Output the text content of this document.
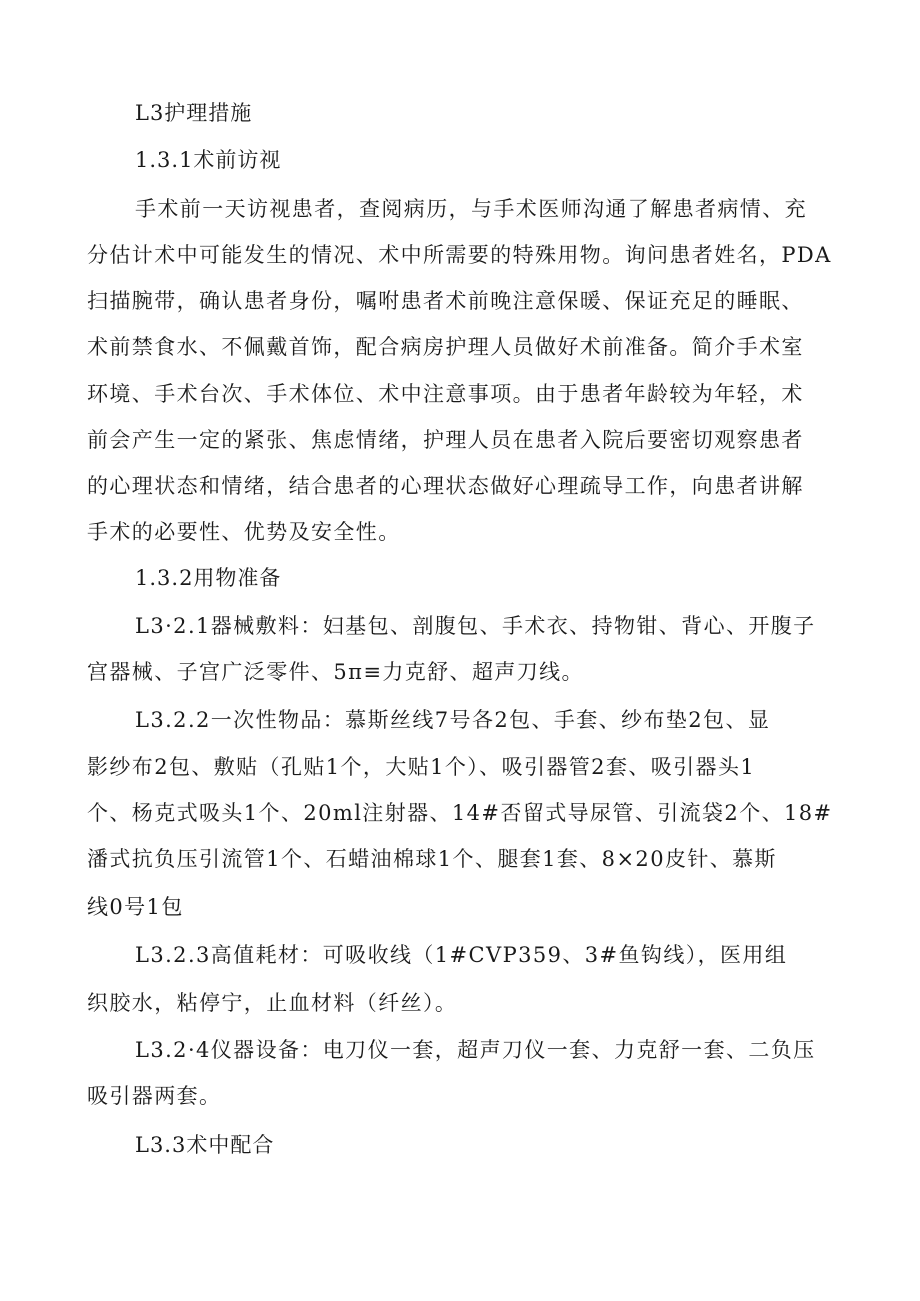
L3护理措施
1.3.1术前访视
手术前一天访视患者，查阅病历，与手术医师沟通了解患者病情、充
分估计术中可能发生的情况、术中所需要的特殊用物。询问患者姓名，PDA
扫描腕带，确认患者身份，嘱咐患者术前晚注意保暖、保证充足的睡眠、
术前禁食水、不佩戴首饰，配合病房护理人员做好术前准备。简介手术室
环境、手术台次、手术体位、术中注意事项。由于患者年龄较为年轻，术
前会产生一定的紧张、焦虑情绪，护理人员在患者入院后要密切观察患者
的心理状态和情绪，结合患者的心理状态做好心理疏导工作，向患者讲解
手术的必要性、优势及安全性。
1.3.2用物准备
L3·2.1器械敷料：妇基包、剖腹包、手术衣、持物钳、背心、开腹子
宫器械、子宫广泛零件、5π≡力克舒、超声刀线。
L3.2.2一次性物品：慕斯丝线7号各2包、手套、纱布垫2包、显
影纱布2包、敷贴（孔贴1个，大贴1个）、吸引器管2套、吸引器头1
个、杨克式吸头1个、20ml注射器、14#否留式导尿管、引流袋2个、18#
潘式抗负压引流管1个、石蜡油棉球1个、腿套1套、8×20皮针、慕斯
线0号1包
L3.2.3高值耗材：可吸收线（1#CVP359、3#鱼钩线），医用组
织胶水，粘停宁，止血材料（纤丝）。
L3.2·4仪器设备：电刀仪一套，超声刀仪一套、力克舒一套、二负压
吸引器两套。
L3.3术中配合
